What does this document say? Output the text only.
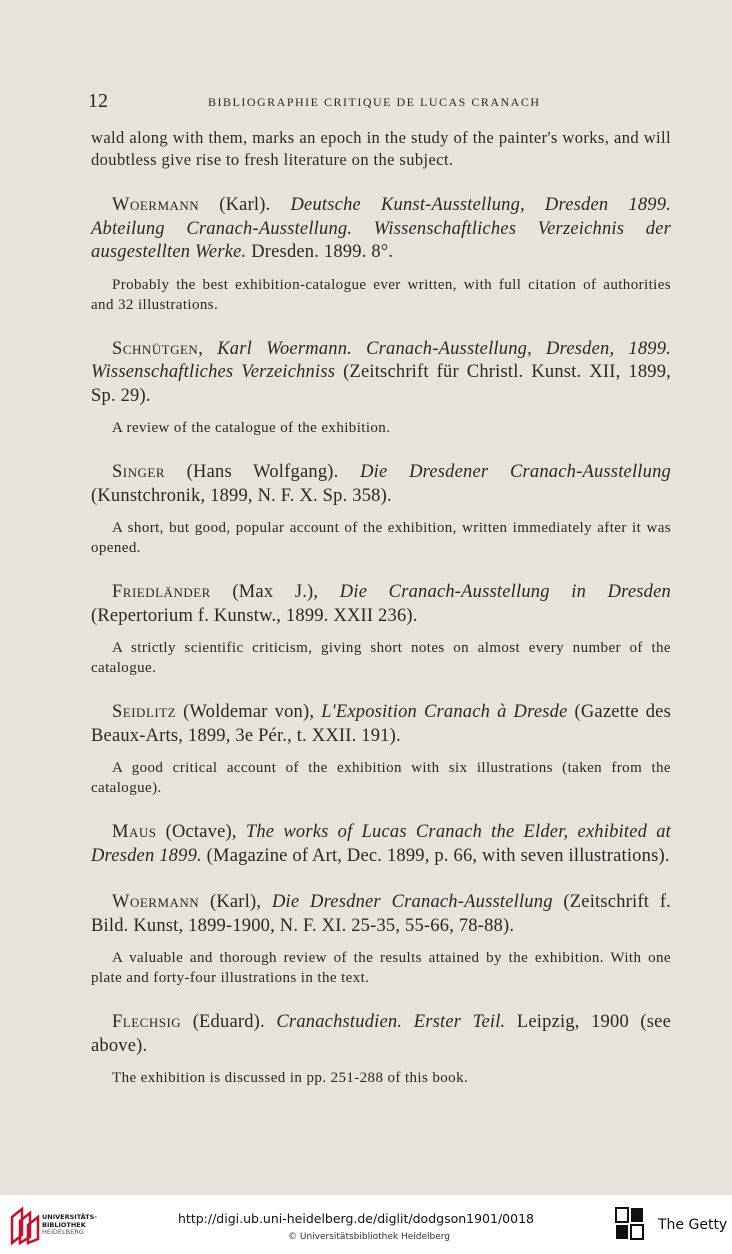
12	BIBLIOGRAPHIE CRITIQUE DE LUCAS CRANACH

wald along with them, marks an epoch in the study of the painter's works, and will doubtless give rise to fresh literature on the subject.

Woermann (Karl). Deutsche Kunst-Ausstellung, Dresden 1899. Abteilung Cranach-Ausstellung. Wissenschaftliches Verzeichnis der ausgestellten Werke. Dresden. 1899. 8°.

Probably the best exhibition-catalogue ever written, with full citation of authorities and 32 illustrations.

Schnütgen, Karl Woermann. Cranach-Ausstellung, Dresden, 1899. Wissenschaftliches Verzeichniss (Zeitschrift für Christl. Kunst. XII, 1899, Sp. 29).

A review of the catalogue of the exhibition.

Singer (Hans Wolfgang). Die Dresdener Cranach-Ausstellung (Kunstchronik, 1899, N. F. X. Sp. 358).

A short, but good, popular account of the exhibition, written immediately after it was opened.

Friedländer (Max J.), Die Cranach-Ausstellung in Dresden (Repertorium f. Kunstw., 1899. XXII 236).

A strictly scientific criticism, giving short notes on almost every number of the catalogue.

Seidlitz (Woldemar von), L'Exposition Cranach à Dresde (Gazette des Beaux-Arts, 1899, 3e Pér., t. XXII. 191).

A good critical account of the exhibition with six illustrations (taken from the catalogue).

Maus (Octave), The works of Lucas Cranach the Elder, exhibited at Dresden 1899. (Magazine of Art, Dec. 1899, p. 66, with seven illustrations).

Woermann (Karl), Die Dresdner Cranach-Ausstellung (Zeitschrift f. Bild. Kunst, 1899-1900, N. F. XI. 25-35, 55-66, 78-88).

A valuable and thorough review of the results attained by the exhibition. With one plate and forty-four illustrations in the text.

Flechsig (Eduard). Cranachstudien. Erster Teil. Leipzig, 1900 (see above).

The exhibition is discussed in pp. 251-288 of this book.

UNIVERSITÄTS-
BIBLIOTHEK
HEIDELBERG
http://digi.ub.uni-heidelberg.de/diglit/dodgson1901/0018
© Universitätsbibliothek Heidelberg
The Getty
